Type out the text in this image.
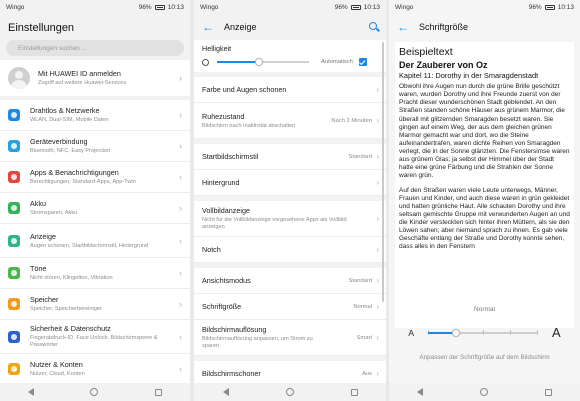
Wingo	96% 10:13
Einstellungen
Einstellungen suchen ...
Mit HUAWEI ID anmelden
Zugriff auf weitere Huawei-Services	›
Drahtlos & Netzwerke
WLAN, Dual-SIM, Mobile Daten	›
Geräteverbindung
Bluetooth, NFC, Easy Projection	›
Apps & Benachrichtigungen
Berechtigungen, Standard-Apps, App-Twin	›
Akku
Stromsparen, Akku	›
Anzeige
Augen schonen, Startbildschirmstil, Hintergrund	›
Töne
Nicht stören, Klingelton, Vibration	›
Speicher
Speicher, Speicherbereiniger	›
Sicherheit & Datenschutz
Fingerabdruck-ID, Face Unlock, Bildschirmsperre & Passwörter
›
Nutzer & Konten
Nutzer, Cloud, Konten	›
Wingo	96% 10:13
←	Anzeige
Helligkeit
Automatisch
Farbe und Augen schonen	›
Ruhezustand
Bildschirm nach Inaktivität abschalten
Nach 2 Minuten ›
Startbildschirmstil	Standard ›
Hintergrund	›
Vollbildanzeige
Nicht für die Vollbildanzeige vorgesehene Apps als Vollbild anzeigen
›
Notch	›
Ansichtsmodus	Standard ›
Schriftgröße	Normal ›
Bildschirmauflösung
Bildschirmauflösung anpassen, um Strom zu sparen
Smart ›
Bildschirmschoner	Aus ›
Wingo	96% 10:13
←	Schriftgröße
Beispieltext
Der Zauberer von Oz
Kapitel 11: Dorothy in der Smaragdenstadt

Obwohl ihre Augen nun durch die grüne Brille geschützt waren, wurden Dorothy und ihre Freunde zuerst von der Pracht dieser wunderschönen Stadt geblendet. An den Straßen standen schöne Häuser aus grünem Marmor, die überall mit glitzernden Smaragden besetzt waren. Sie gingen auf einem Weg, der aus dem gleichen grünen Marmor gemacht war und dort, wo die Steine aufeinandertrafen, waren dichte Reihen von Smaragden verlegt, die in der Sonne glänzten. Die Fenstersimse waren aus grünem Glas; ja selbst der Himmel über der Stadt hatte eine grüne Färbung und die Strahlen der Sonne waren grün.

Auf den Straßen waren viele Leute unterwegs, Männer, Frauen und Kinder, und auch diese waren in grün gekleidet und hatten grünliche Haut. Alle schauten Dorothy und ihre seltsam gemischte Gruppe mit verwunderten Augen an und die Kinder versteckten sich hinter ihren Müttern, als sie den Löwen sahen; aber niemand sprach zu ihnen. Es gab viele Geschäfte entlang der Straße und Dorothy konnte sehen, dass alles in den Fenstern

Normal
A	A
Anpassen der Schriftgröße auf dem Bildschirm
